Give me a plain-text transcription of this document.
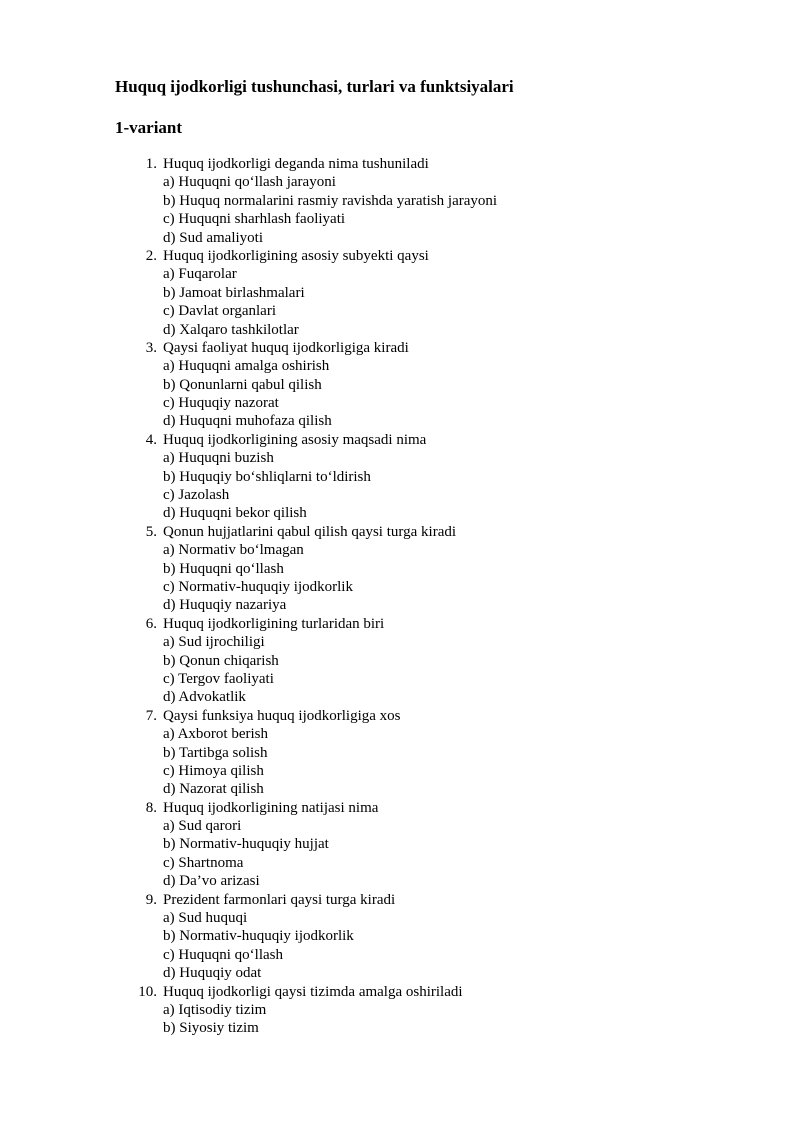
Huquq ijodkorligi tushunchasi, turlari va funktsiyalari
1-variant
1. Huquq ijodkorligi deganda nima tushuniladi
a) Huquqni qo‘llash jarayoni
b) Huquq normalarini rasmiy ravishda yaratish jarayoni
c) Huquqni sharhlash faoliyati
d) Sud amaliyoti
2. Huquq ijodkorligining asosiy subyekti qaysi
a) Fuqarolar
b) Jamoat birlashmalari
c) Davlat organlari
d) Xalqaro tashkilotlar
3. Qaysi faoliyat huquq ijodkorligiga kiradi
a) Huquqni amalga oshirish
b) Qonunlarni qabul qilish
c) Huquqiy nazorat
d) Huquqni muhofaza qilish
4. Huquq ijodkorligining asosiy maqsadi nima
a) Huquqni buzish
b) Huquqiy bo‘shliqlarni to‘ldirish
c) Jazolash
d) Huquqni bekor qilish
5. Qonun hujjatlarini qabul qilish qaysi turga kiradi
a) Normativ bo‘lmagan
b) Huquqni qo‘llash
c) Normativ-huquqiy ijodkorlik
d) Huquqiy nazariya
6. Huquq ijodkorligining turlaridan biri
a) Sud ijrochiligi
b) Qonun chiqarish
c) Tergov faoliyati
d) Advokatlik
7. Qaysi funksiya huquq ijodkorligiga xos
a) Axborot berish
b) Tartibga solish
c) Himoya qilish
d) Nazorat qilish
8. Huquq ijodkorligining natijasi nima
a) Sud qarori
b) Normativ-huquqiy hujjat
c) Shartnoma
d) Da’vo arizasi
9. Prezident farmonlari qaysi turga kiradi
a) Sud huquqi
b) Normativ-huquqiy ijodkorlik
c) Huquqni qo‘llash
d) Huquqiy odat
10. Huquq ijodkorligi qaysi tizimda amalga oshiriladi
a) Iqtisodiy tizim
b) Siyosiy tizim
